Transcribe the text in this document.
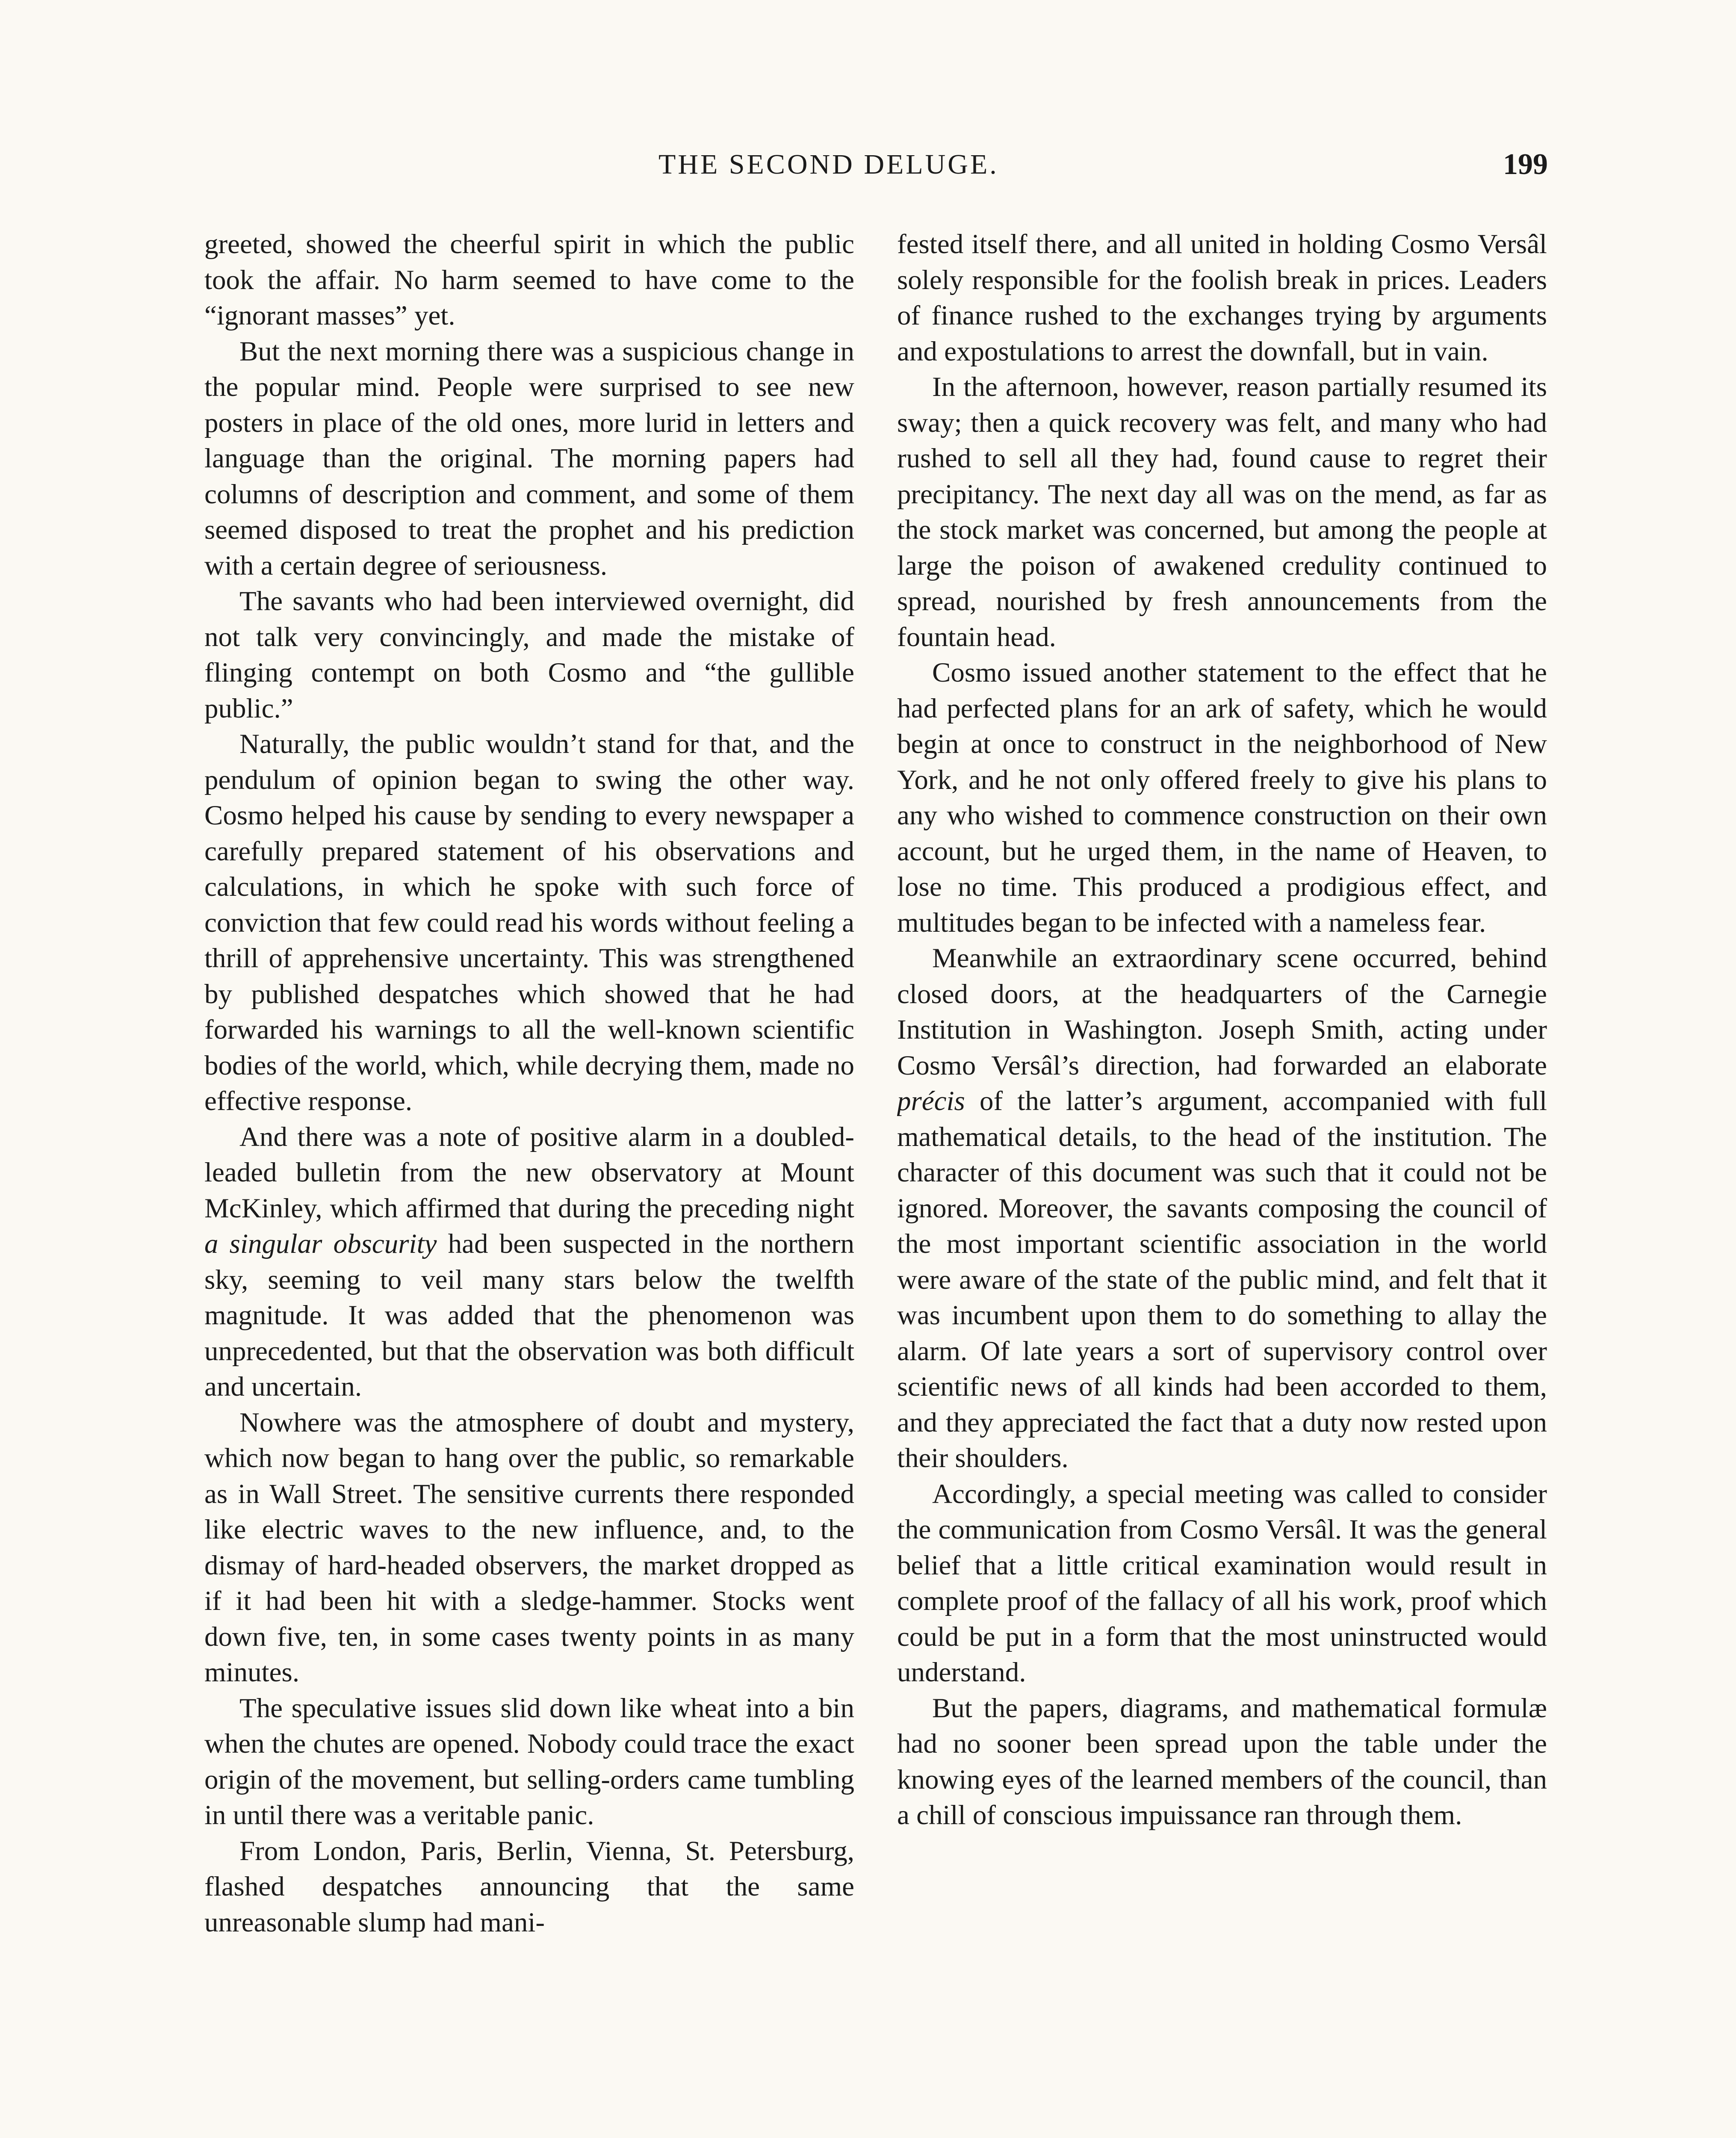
THE SECOND DELUGE.	199

greeted, showed the cheerful spirit in which the public took the affair. No harm seemed to have come to the “ignorant masses” yet.

But the next morning there was a suspicious change in the popular mind. People were surprised to see new posters in place of the old ones, more lurid in letters and language than the original. The morning papers had columns of description and comment, and some of them seemed disposed to treat the prophet and his prediction with a certain degree of seriousness.

The savants who had been interviewed overnight, did not talk very convincingly, and made the mistake of flinging contempt on both Cosmo and “the gullible public.”

Naturally, the public wouldn’t stand for that, and the pendulum of opinion began to swing the other way. Cosmo helped his cause by sending to every newspaper a carefully prepared statement of his observations and calculations, in which he spoke with such force of conviction that few could read his words without feeling a thrill of apprehensive uncertainty. This was strengthened by published despatches which showed that he had forwarded his warnings to all the well-known scientific bodies of the world, which, while decrying them, made no effective response.

And there was a note of positive alarm in a doubled-leaded bulletin from the new observatory at Mount McKinley, which affirmed that during the preceding night a singular obscurity had been suspected in the northern sky, seeming to veil many stars below the twelfth magnitude. It was added that the phenomenon was unprecedented, but that the observation was both difficult and uncertain.

Nowhere was the atmosphere of doubt and mystery, which now began to hang over the public, so remarkable as in Wall Street. The sensitive currents there responded like electric waves to the new influence, and, to the dismay of hard-headed observers, the market dropped as if it had been hit with a sledge-hammer. Stocks went down five, ten, in some cases twenty points in as many minutes.

The speculative issues slid down like wheat into a bin when the chutes are opened. Nobody could trace the exact origin of the movement, but selling-orders came tumbling in until there was a veritable panic.

From London, Paris, Berlin, Vienna, St. Petersburg, flashed despatches announcing that the same unreasonable slump had mani-

fested itself there, and all united in holding Cosmo Versâl solely responsible for the foolish break in prices. Leaders of finance rushed to the exchanges trying by arguments and expostulations to arrest the downfall, but in vain.

In the afternoon, however, reason partially resumed its sway; then a quick recovery was felt, and many who had rushed to sell all they had, found cause to regret their precipitancy. The next day all was on the mend, as far as the stock market was concerned, but among the people at large the poison of awakened credulity continued to spread, nourished by fresh announcements from the fountain head.

Cosmo issued another statement to the effect that he had perfected plans for an ark of safety, which he would begin at once to construct in the neighborhood of New York, and he not only offered freely to give his plans to any who wished to commence construction on their own account, but he urged them, in the name of Heaven, to lose no time. This produced a prodigious effect, and multitudes began to be infected with a nameless fear.

Meanwhile an extraordinary scene occurred, behind closed doors, at the headquarters of the Carnegie Institution in Washington. Joseph Smith, acting under Cosmo Versâl’s direction, had forwarded an elaborate précis of the latter’s argument, accompanied with full mathematical details, to the head of the institution. The character of this document was such that it could not be ignored. Moreover, the savants composing the council of the most important scientific association in the world were aware of the state of the public mind, and felt that it was incumbent upon them to do something to allay the alarm. Of late years a sort of supervisory control over scientific news of all kinds had been accorded to them, and they appreciated the fact that a duty now rested upon their shoulders.

Accordingly, a special meeting was called to consider the communication from Cosmo Versâl. It was the general belief that a little critical examination would result in complete proof of the fallacy of all his work, proof which could be put in a form that the most uninstructed would understand.

But the papers, diagrams, and mathematical formulæ had no sooner been spread upon the table under the knowing eyes of the learned members of the council, than a chill of conscious impuissance ran through them.
